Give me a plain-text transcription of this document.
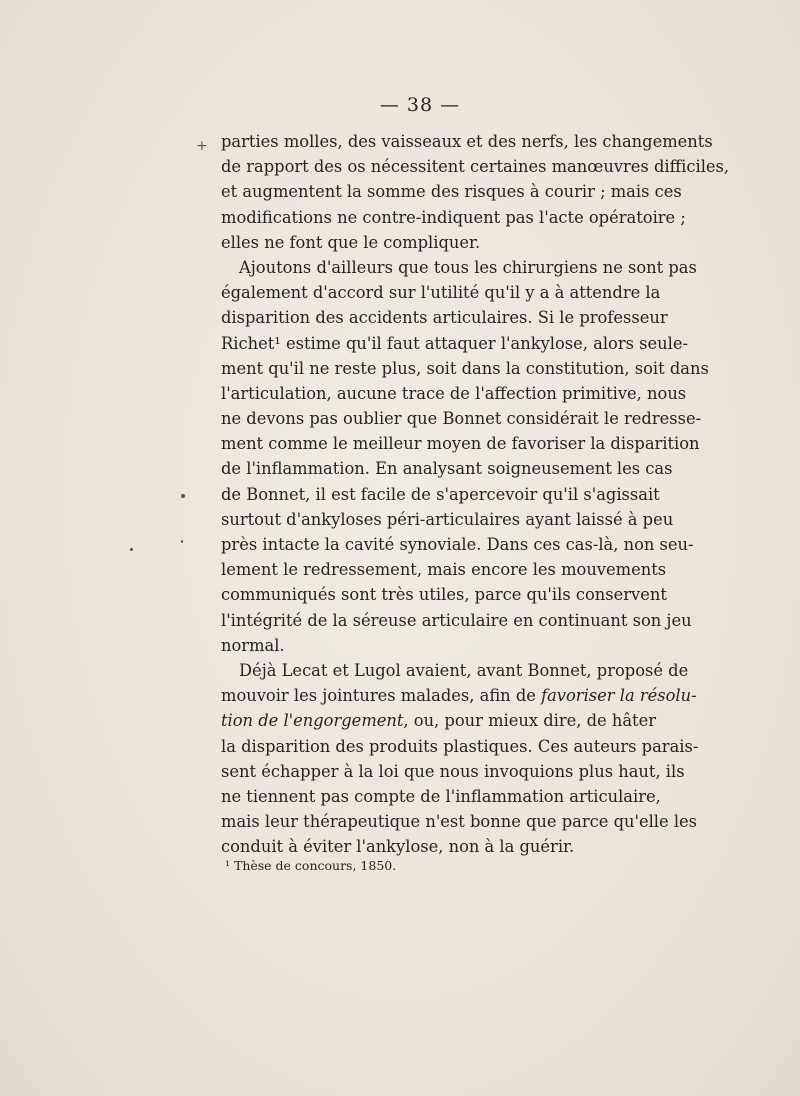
— 38 —
+ parties molles, des vaisseaux et des nerfs, les changements
de rapport des os nécessitent certaines manœuvres difficiles,
et augmentent la somme des risques à courir ; mais ces
modifications ne contre-indiquent pas l'acte opératoire ;
elles ne font que le compliquer.
Ajoutons d'ailleurs que tous les chirurgiens ne sont pas
également d'accord sur l'utilité qu'il y a à attendre la
disparition des accidents articulaires. Si le professeur
Richet¹ estime qu'il faut attaquer l'ankylose, alors seule-
ment qu'il ne reste plus, soit dans la constitution, soit dans
l'articulation, aucune trace de l'affection primitive, nous
ne devons pas oublier que Bonnet considérait le redresse-
ment comme le meilleur moyen de favoriser la disparition
de l'inflammation. En analysant soigneusement les cas
de Bonnet, il est facile de s'apercevoir qu'il s'agissait
surtout d'ankyloses péri-articulaires ayant laissé à peu
près intacte la cavité synoviale. Dans ces cas-là, non seu-
lement le redressement, mais encore les mouvements
communiqués sont très utiles, parce qu'ils conservent
l'intégrité de la séreuse articulaire en continuant son jeu
normal.
Déjà Lecat et Lugol avaient, avant Bonnet, proposé de
mouvoir les jointures malades, afin de favoriser la résolu-
tion de l'engorgement, ou, pour mieux dire, de hâter
la disparition des produits plastiques. Ces auteurs parais-
sent échapper à la loi que nous invoquions plus haut, ils
ne tiennent pas compte de l'inflammation articulaire,
mais leur thérapeutique n'est bonne que parce qu'elle les
conduit à éviter l'ankylose, non à la guérir.
¹ Thèse de concours, 1850.
